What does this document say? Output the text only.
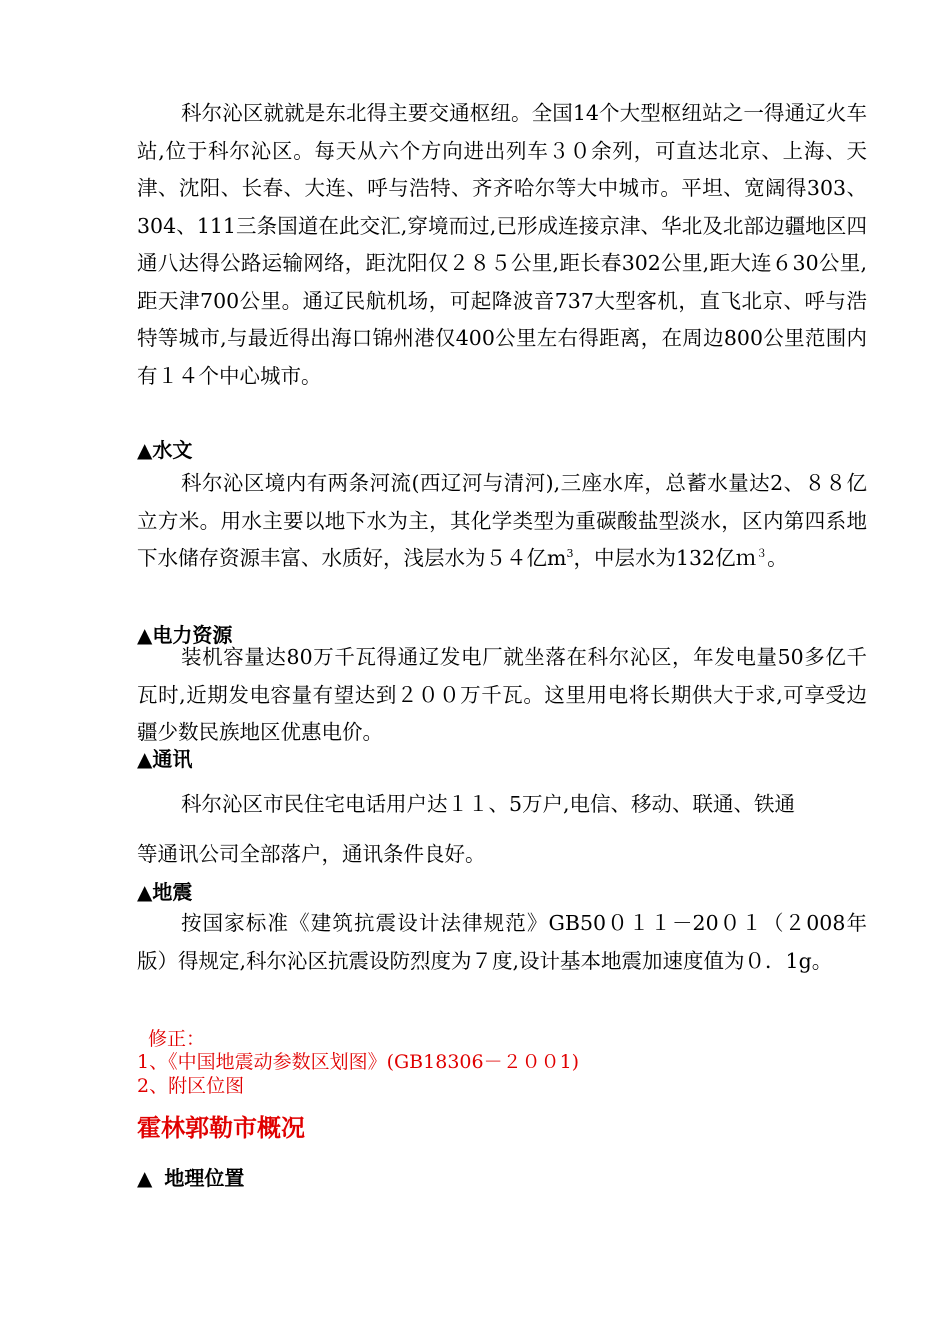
科尔沁区就就是东北得主要交通枢纽。全国14个大型枢纽站之一得通辽火车站,位于科尔沁区。每天从六个方向进出列车３０余列，可直达北京、上海、天津、沈阳、长春、大连、呼与浩特、齐齐哈尔等大中城市。平坦、宽阔得303、304、111三条国道在此交汇,穿境而过,已形成连接京津、华北及北部边疆地区四通八达得公路运输网络，距沈阳仅２８５公里,距长春302公里,距大连６30公里,距天津700公里。通辽民航机场，可起降波音737大型客机，直飞北京、呼与浩特等城市,与最近得出海口锦州港仅400公里左右得距离，在周边800公里范围内有１４个中心城市。
▲水文
科尔沁区境内有两条河流(西辽河与清河),三座水库，总蓄水量达2、８８亿立方米。用水主要以地下水为主，其化学类型为重碳酸盐型淡水，区内第四系地下水储存资源丰富、水质好，浅层水为５４亿$m^3$，中层水为132亿ｍ$^3$。
▲电力资源
装机容量达80万千瓦得通辽发电厂就坐落在科尔沁区，年发电量50多亿千瓦时,近期发电容量有望达到２００万千瓦。这里用电将长期供大于求,可享受边疆少数民族地区优惠电价。
▲通讯
科尔沁区市民住宅电话用户达１１、5万户,电信、移动、联通、铁通
等通讯公司全部落户，通讯条件良好。
▲地震
按国家标准《建筑抗震设计法律规范》GB50０１１－20０１（２008年版）得规定,科尔沁区抗震设防烈度为７度,设计基本地震加速度值为０．1g。
修正：
1、《中国地震动参数区划图》(GB18306－２００1)
2、附区位图
霍林郭勒市概况
▲ 地理位置
